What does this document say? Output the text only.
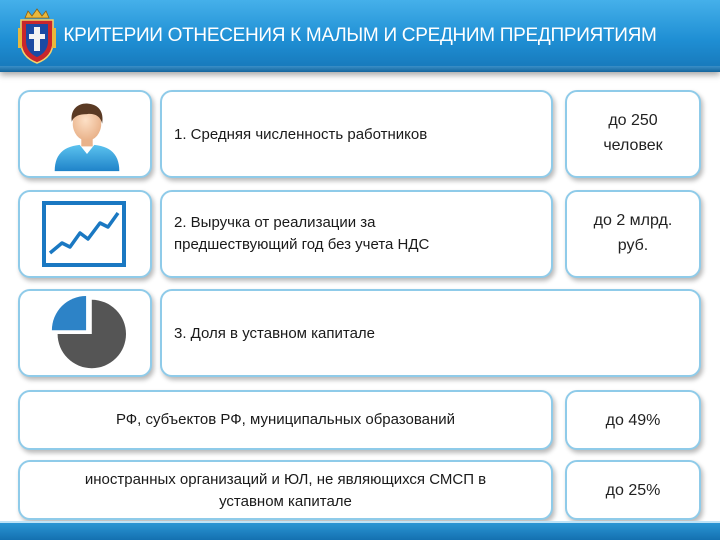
КРИТЕРИИ ОТНЕСЕНИЯ К МАЛЫМ И СРЕДНИМ ПРЕДПРИЯТИЯМ
1. Средняя численность работников
до 250
человек
2. Выручка от реализации за
предшествующий год без учета НДС
до 2 млрд.
руб.
3. Доля в уставном капитале
РФ, субъектов РФ, муниципальных образований	до 49%
иностранных организаций и ЮЛ, не являющихся СМСП в
уставном капитале
до 25%
